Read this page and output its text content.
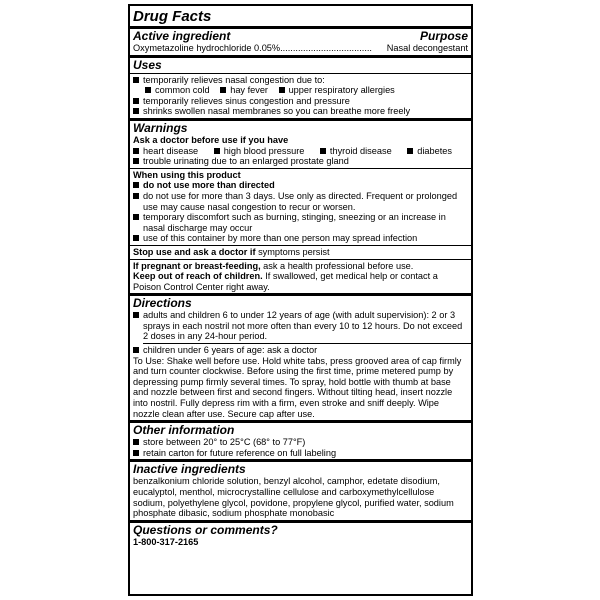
Drug Facts
Active ingredient	Purpose
Oxymetazoline hydrochloride 0.05%.................................... Nasal decongestant
Uses
temporarily relieves nasal congestion due to:
common cold
hay fever
upper respiratory allergies
temporarily relieves sinus congestion and pressure
shrinks swollen nasal membranes so you can breathe more freely
Warnings
Ask a doctor before use if you have
heart disease	high blood pressure	thyroid disease	diabetes
trouble urinating due to an enlarged prostate gland
When using this product
do not use more than directed
do not use for more than 3 days. Use only as directed. Frequent or prolonged use may cause nasal congestion to recur or worsen.
temporary discomfort such as burning, stinging, sneezing or an increase in nasal discharge may occur
use of this container by more than one person may spread infection

Stop use and ask a doctor if symptoms persist

If pregnant or breast-feeding, ask a health professional before use.

Keep out of reach of children. If swallowed, get medical help or contact a Poison Control Center right away.

Directions
adults and children 6 to under 12 years of age (with adult supervision): 2 or 3 sprays in each nostril not more often than every 10 to 12 hours. Do not exceed 2 doses in any 24-hour period.
children under 6 years of age: ask a doctor

To Use: Shake well before use. Hold white tabs, press grooved area of cap firmly and turn counter clockwise. Before using the first time, prime metered pump by depressing pump firmly several times. To spray, hold bottle with thumb at base and nozzle between first and second fingers. Without tilting head, insert nozzle into nostril. Fully depress rim with a firm, even stroke and sniff deeply. Wipe nozzle clean after use. Secure cap after use.

Other information
store between 20° to 25°C (68° to 77°F)
retain carton for future reference on full labeling
Inactive ingredients

benzalkonium chloride solution, benzyl alcohol, camphor, edetate disodium, eucalyptol, menthol, microcrystalline cellulose and carboxymethylcellulose sodium, polyethylene glycol, povidone, propylene glycol, purified water, sodium phosphate dibasic, sodium phosphate monobasic

Questions or comments?
1-800-317-2165
